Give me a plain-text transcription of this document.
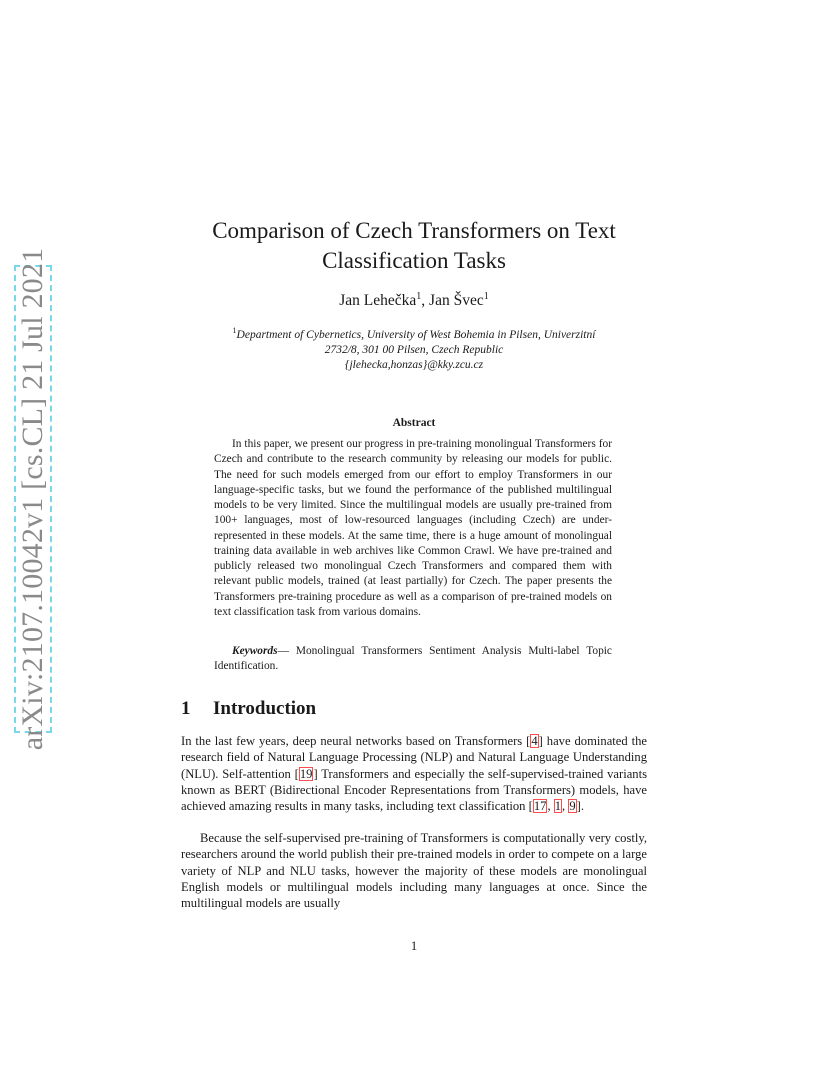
arXiv:2107.10042v1 [cs.CL] 21 Jul 2021
Comparison of Czech Transformers on Text
Classification Tasks
Jan Lehečka$^1$, Jan Švec$^1$
$^1$Department of Cybernetics, University of West Bohemia in Pilsen, Univerzitní
2732/8, 301 00 Pilsen, Czech Republic
{jlehecka,honzas}@kky.zcu.cz
Abstract

In this paper, we present our progress in pre-training monolingual Transformers for Czech and contribute to the research community by releasing our models for public. The need for such models emerged from our effort to employ Transformers in our language-specific tasks, but we found the performance of the published multilingual models to be very limited. Since the multilingual models are usually pre-trained from 100+ languages, most of low-resourced languages (including Czech) are under-represented in these models. At the same time, there is a huge amount of monolingual training data available in web archives like Common Crawl. We have pre-trained and publicly released two monolingual Czech Transformers and compared them with relevant public models, trained (at least partially) for Czech. The paper presents the Transformers pre-training procedure as well as a comparison of pre-trained models on text classification task from various domains.

Keywords— Monolingual Transformers Sentiment Analysis Multi-label Topic Identification.

1 Introduction

In the last few years, deep neural networks based on Transformers [4] have dominated the research field of Natural Language Processing (NLP) and Natural Language Understanding (NLU). Self-attention [19] Transformers and especially the self-supervised-trained variants known as BERT (Bidirectional Encoder Representations from Transformers) models, have achieved amazing results in many tasks, including text classification [17, 1, 9].

Because the self-supervised pre-training of Transformers is computationally very costly, researchers around the world publish their pre-trained models in order to compete on a large variety of NLP and NLU tasks, however the majority of these models are monolingual English models or multilingual models including many languages at once. Since the multilingual models are usually

1
